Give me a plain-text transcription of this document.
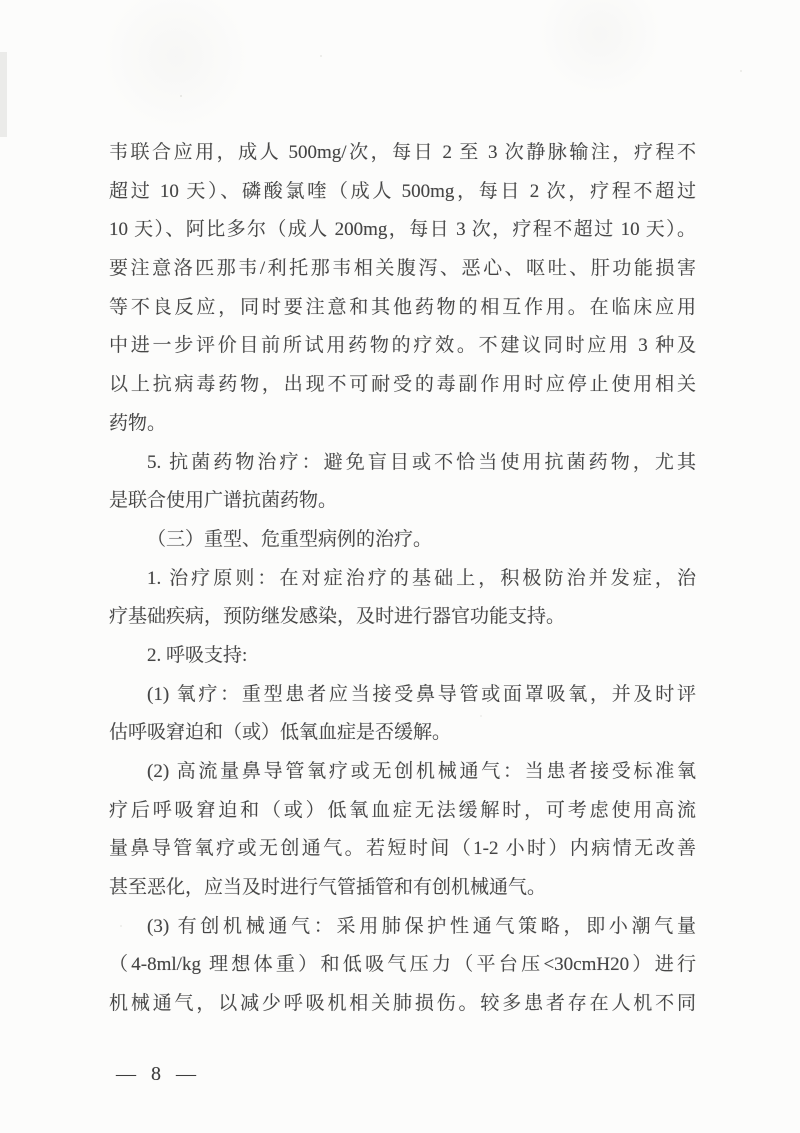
韦联合应用，成人 500mg/次，每日 2 至 3 次静脉输注，疗程不
超过 10 天）、磷酸氯喹（成人 500mg，每日 2 次，疗程不超过
10 天）、阿比多尔（成人 200mg，每日 3 次，疗程不超过 10 天）。
要注意洛匹那韦/利托那韦相关腹泻、恶心、呕吐、肝功能损害
等不良反应，同时要注意和其他药物的相互作用。在临床应用
中进一步评价目前所试用药物的疗效。不建议同时应用 3 种及
以上抗病毒药物，出现不可耐受的毒副作用时应停止使用相关
药物。
5. 抗菌药物治疗：避免盲目或不恰当使用抗菌药物，尤其
是联合使用广谱抗菌药物。
（三）重型、危重型病例的治疗。
1. 治疗原则：在对症治疗的基础上，积极防治并发症，治
疗基础疾病，预防继发感染，及时进行器官功能支持。
2. 呼吸支持:
(1) 氧疗：重型患者应当接受鼻导管或面罩吸氧，并及时评
估呼吸窘迫和（或）低氧血症是否缓解。
(2) 高流量鼻导管氧疗或无创机械通气：当患者接受标准氧
疗后呼吸窘迫和（或）低氧血症无法缓解时，可考虑使用高流
量鼻导管氧疗或无创通气。若短时间（1-2 小时）内病情无改善
甚至恶化，应当及时进行气管插管和有创机械通气。
(3) 有创机械通气：采用肺保护性通气策略，即小潮气量
（4-8ml/kg 理想体重）和低吸气压力（平台压<30cmH20）进行
机械通气，以减少呼吸机相关肺损伤。较多患者存在人机不同
— 8 —
